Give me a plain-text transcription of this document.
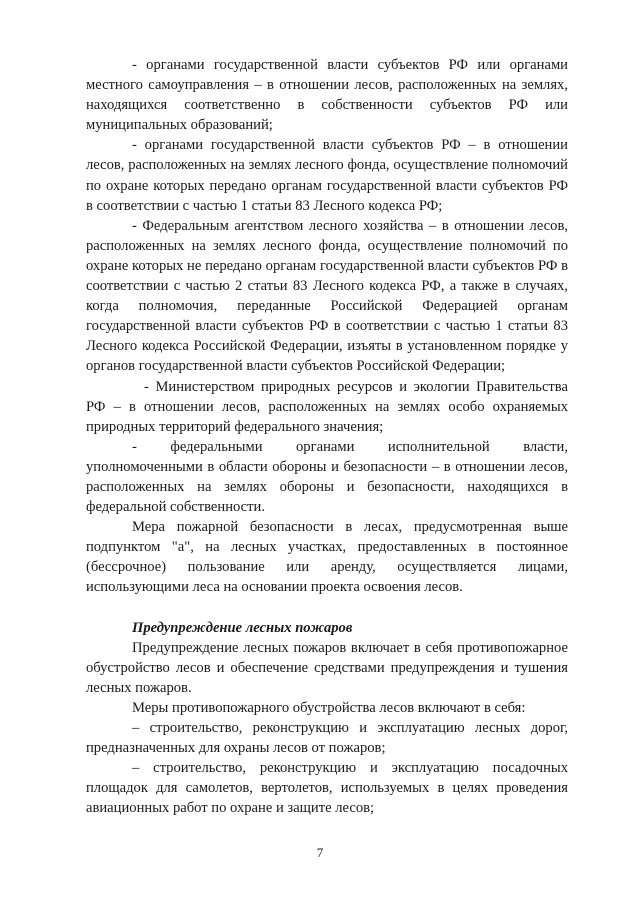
- органами государственной власти субъектов РФ или органами местного самоуправления – в отношении лесов, расположенных на землях, находящихся соответственно в собственности субъектов РФ или муниципальных образований;

- органами государственной власти субъектов РФ – в отношении лесов, расположенных на землях лесного фонда, осуществление полномочий по охране которых передано органам государственной власти субъектов РФ в соответствии с частью 1 статьи 83 Лесного кодекса РФ;

- Федеральным агентством лесного хозяйства – в отношении лесов, расположенных на землях лесного фонда, осуществление полномочий по охране которых не передано органам государственной власти субъектов РФ в соответствии с частью 2 статьи 83 Лесного кодекса РФ, а также в случаях, когда полномочия, переданные Российской Федерацией органам государственной власти субъектов РФ в соответствии с частью 1 статьи 83 Лесного кодекса Российской Федерации, изъяты в установленном порядке у органов государственной власти субъектов Российской Федерации;

- Министерством природных ресурсов и экологии Правительства РФ – в отношении лесов, расположенных на землях особо охраняемых природных территорий федерального значения;

- федеральными органами исполнительной власти, уполномоченными в области обороны и безопасности – в отношении лесов, расположенных на землях обороны и безопасности, находящихся в федеральной собственности.

Мера пожарной безопасности в лесах, предусмотренная выше подпунктом "а", на лесных участках, предоставленных в постоянное (бессрочное) пользование или аренду, осуществляется лицами, использующими леса на основании проекта освоения лесов.

Предупреждение лесных пожаров

Предупреждение лесных пожаров включает в себя противопожарное обустройство лесов и обеспечение средствами предупреждения и тушения лесных пожаров.

Меры противопожарного обустройства лесов включают в себя:

– строительство, реконструкцию и эксплуатацию лесных дорог, предназначенных для охраны лесов от пожаров;

– строительство, реконструкцию и эксплуатацию посадочных площадок для самолетов, вертолетов, используемых в целях проведения авиационных работ по охране и защите лесов;

7
